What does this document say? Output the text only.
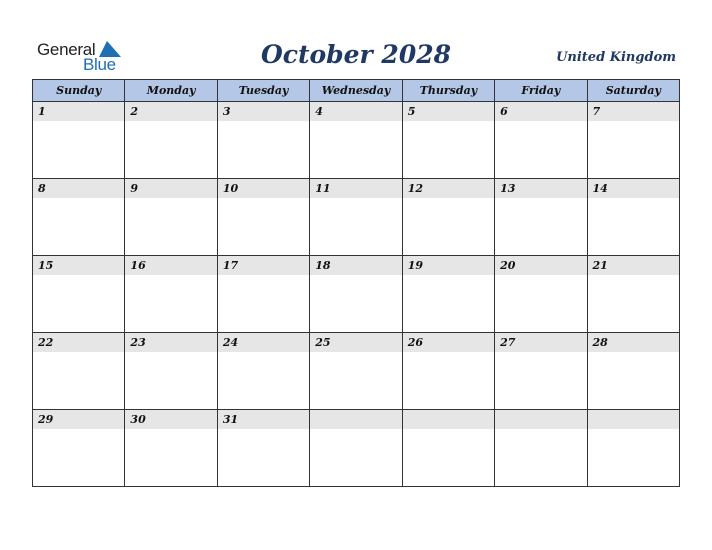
General
Blue	October 2028	United Kingdom
Sunday	Monday	Tuesday	Wednesday	Thursday	Friday	Saturday

1	2	3	4	5	6	7

8	9	10	11	12	13	14

15	16	17	18	19	20	21

22	23	24	25	26	27	28

29	30	31				
